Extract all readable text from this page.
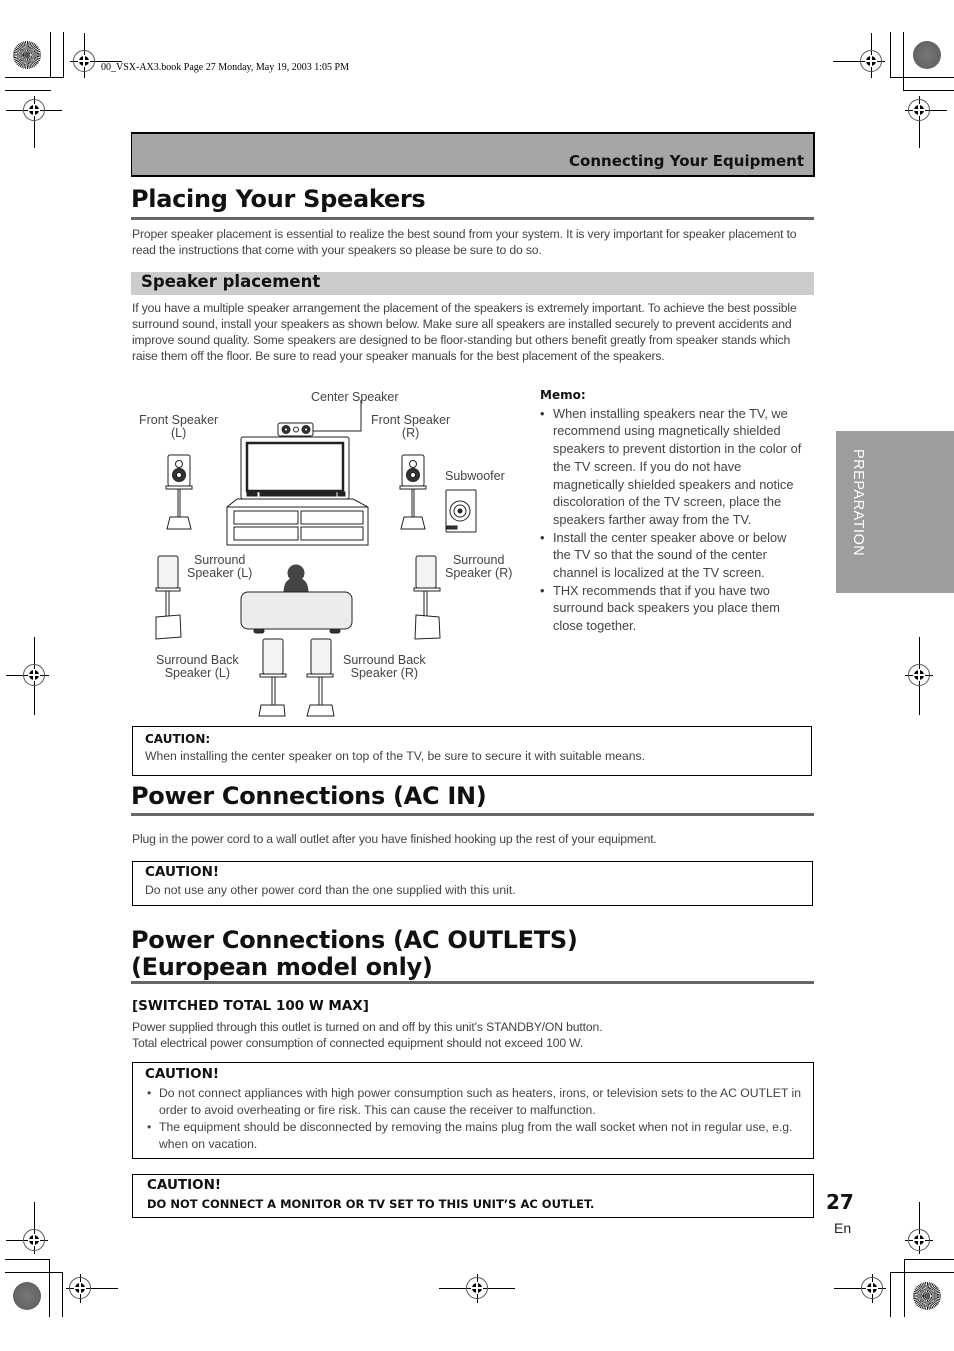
00_VSX-AX3.book Page 27 Monday, May 19, 2003 1:05 PM
Connecting Your Equipment
PREPARATION
Placing Your Speakers
Proper speaker placement is essential to realize the best sound from your system. It is very important for speaker placement to read the instructions that come with your speakers so please be sure to do so.
Speaker placement
If you have a multiple speaker arrangement the placement of the speakers is extremely important. To achieve the best possible surround sound, install your speakers as shown below. Make sure all speakers are installed securely to prevent accidents and improve sound quality. Some speakers are designed to be floor-standing but others benefit greatly from speaker stands which raise them off the floor. Be sure to read your speaker manuals for the best placement of the speakers.
Center Speaker
Front Speaker
(L)
Front Speaker
(R)
Subwoofer
Surround
Speaker (L)
Surround
Speaker (R)
Surround Back
Speaker (L)
Surround Back
Speaker (R)
Memo:
• When installing speakers near the TV, we recommend using magnetically shielded speakers to prevent distortion in the color of the TV screen. If you do not have magnetically shielded speakers and notice discoloration of the TV screen, place the speakers farther away from the TV.
• Install the center speaker above or below the TV so that the sound of the center channel is localized at the TV screen.
• THX recommends that if you have two surround back speakers you place them close together.
CAUTION:
When installing the center speaker on top of the TV, be sure to secure it with suitable means.
Power Connections (AC IN)
Plug in the power cord to a wall outlet after you have finished hooking up the rest of your equipment.
CAUTION!
Do not use any other power cord than the one supplied with this unit.
Power Connections (AC OUTLETS)
(European model only)
[SWITCHED TOTAL 100 W MAX]
Power supplied through this outlet is turned on and off by this unit’s STANDBY/ON button.
Total electrical power consumption of connected equipment should not exceed 100 W.
CAUTION!
• Do not connect appliances with high power consumption such as heaters, irons, or television sets to the AC OUTLET in order to avoid overheating or fire risk. This can cause the receiver to malfunction.
• The equipment should be disconnected by removing the mains plug from the wall socket when not in regular use, e.g. when on vacation.
CAUTION!
DO NOT CONNECT A MONITOR OR TV SET TO THIS UNIT’S AC OUTLET.	27
En
